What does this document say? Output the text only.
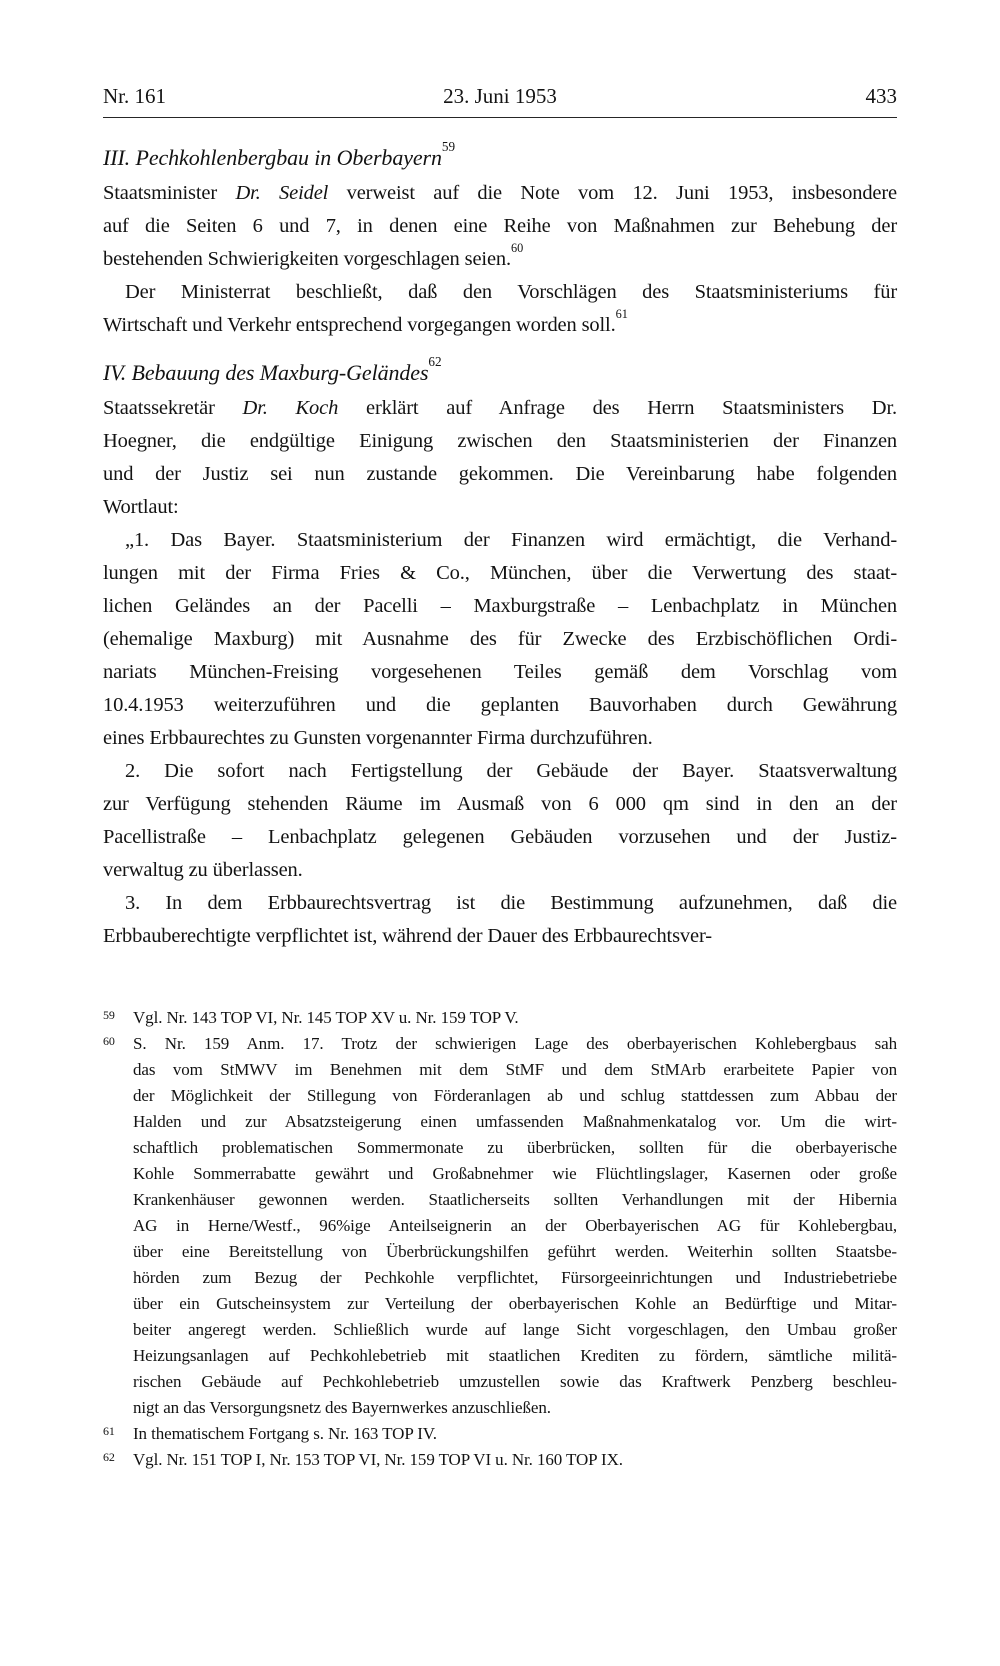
Nr. 161	23. Juni 1953	433
III. Pechkohlenbergbau in Oberbayern$^{59}$
Staatsminister Dr. Seidel verweist auf die Note vom 12. Juni 1953, insbesondere
auf die Seiten 6 und 7, in denen eine Reihe von Maßnahmen zur Behebung der
bestehenden Schwierigkeiten vorgeschlagen seien.$^{60}$
Der Ministerrat beschließt, daß den Vorschlägen des Staatsministeriums für
Wirtschaft und Verkehr entsprechend vorgegangen worden soll.$^{61}$
IV. Bebauung des Maxburg-Geländes$^{62}$
Staatssekretär Dr. Koch erklärt auf Anfrage des Herrn Staatsministers Dr.
Hoegner, die endgültige Einigung zwischen den Staatsministerien der Finanzen
und der Justiz sei nun zustande gekommen. Die Vereinbarung habe folgenden
Wortlaut:
„1. Das Bayer. Staatsministerium der Finanzen wird ermächtigt, die Verhand-
lungen mit der Firma Fries & Co., München, über die Verwertung des staat-
lichen Geländes an der Pacelli – Maxburgstraße – Lenbachplatz in München
(ehemalige Maxburg) mit Ausnahme des für Zwecke des Erzbischöflichen Ordi-
nariats München-Freising vorgesehenen Teiles gemäß dem Vorschlag vom
10.4.1953 weiterzuführen und die geplanten Bauvorhaben durch Gewährung
eines Erbbaurechtes zu Gunsten vorgenannter Firma durchzuführen.
2. Die sofort nach Fertigstellung der Gebäude der Bayer. Staatsverwaltung
zur Verfügung stehenden Räume im Ausmaß von 6 000 qm sind in den an der
Pacellistraße – Lenbachplatz gelegenen Gebäuden vorzusehen und der Justiz-
verwaltug zu überlassen.
3. In dem Erbbaurechtsvertrag ist die Bestimmung aufzunehmen, daß die
Erbbauberechtigte verpflichtet ist, während der Dauer des Erbbaurechtsver-
59	Vgl. Nr. 143 TOP VI, Nr. 145 TOP XV u. Nr. 159 TOP V.
60	S. Nr. 159 Anm. 17. Trotz der schwierigen Lage des oberbayerischen Kohlebergbaus sah
das vom StMWV im Benehmen mit dem StMF und dem StMArb erarbeitete Papier von
der Möglichkeit der Stillegung von Förderanlagen ab und schlug stattdessen zum Abbau der
Halden und zur Absatzsteigerung einen umfassenden Maßnahmenkatalog vor. Um die wirt-
schaftlich problematischen Sommermonate zu überbrücken, sollten für die oberbayerische
Kohle Sommerrabatte gewährt und Großabnehmer wie Flüchtlingslager, Kasernen oder große
Krankenhäuser gewonnen werden. Staatlicherseits sollten Verhandlungen mit der Hibernia
AG in Herne/Westf., 96%ige Anteilseignerin an der Oberbayerischen AG für Kohlebergbau,
über eine Bereitstellung von Überbrückungshilfen geführt werden. Weiterhin sollten Staatsbe-
hörden zum Bezug der Pechkohle verpflichtet, Fürsorgeeinrichtungen und Industriebetriebe
über ein Gutscheinsystem zur Verteilung der oberbayerischen Kohle an Bedürftige und Mitar-
beiter angeregt werden. Schließlich wurde auf lange Sicht vorgeschlagen, den Umbau großer
Heizungsanlagen auf Pechkohlebetrieb mit staatlichen Krediten zu fördern, sämtliche militä-
rischen Gebäude auf Pechkohlebetrieb umzustellen sowie das Kraftwerk Penzberg beschleu-
nigt an das Versorgungsnetz des Bayernwerkes anzuschließen.
61	In thematischem Fortgang s. Nr. 163 TOP IV.
62	Vgl. Nr. 151 TOP I, Nr. 153 TOP VI, Nr. 159 TOP VI u. Nr. 160 TOP IX.
